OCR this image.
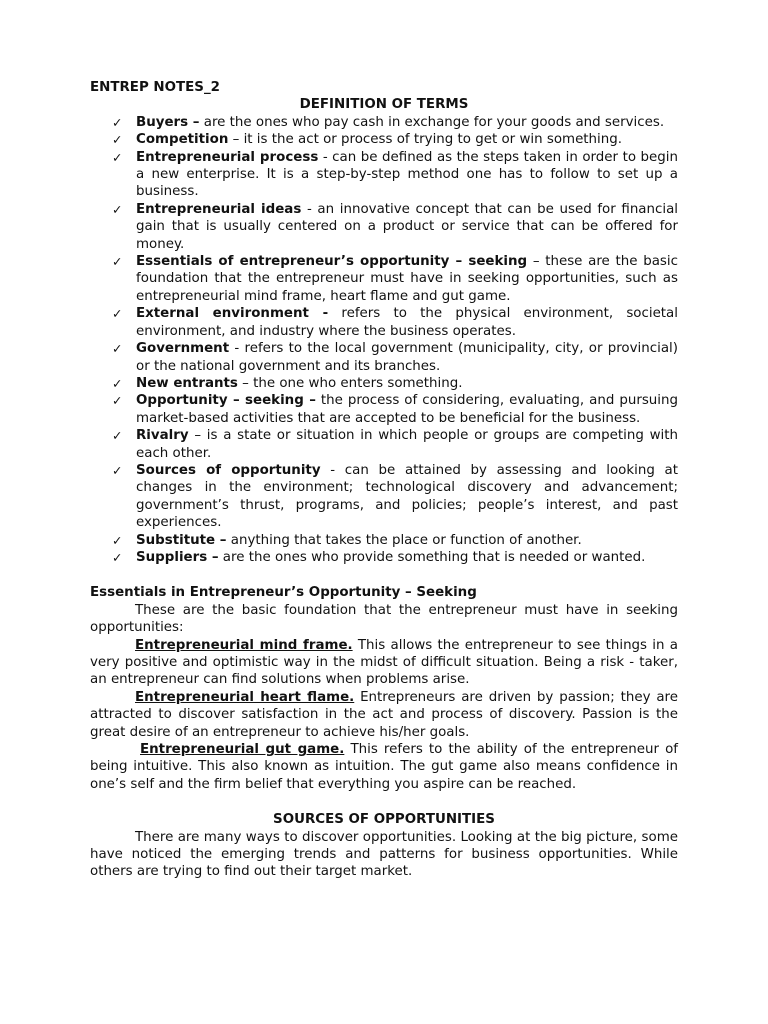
ENTREP NOTES_2

DEFINITION OF TERMS

✓ Buyers – are the ones who pay cash in exchange for your goods and services.
✓ Competition – it is the act or process of trying to get or win something.
✓ Entrepreneurial process - can be defined as the steps taken in order to begin a new enterprise. It is a step-by-step method one has to follow to set up a business.
✓ Entrepreneurial ideas - an innovative concept that can be used for financial gain that is usually centered on a product or service that can be offered for money.
✓ Essentials of entrepreneur’s opportunity – seeking – these are the basic foundation that the entrepreneur must have in seeking opportunities, such as entrepreneurial mind frame, heart flame and gut game.
✓ External environment - refers to the physical environment, societal environment, and industry where the business operates.
✓ Government - refers to the local government (municipality, city, or provincial) or the national government and its branches.
✓ New entrants – the one who enters something.
✓ Opportunity – seeking – the process of considering, evaluating, and pursuing market-based activities that are accepted to be beneficial for the business.
✓ Rivalry – is a state or situation in which people or groups are competing with each other.
✓ Sources of opportunity - can be attained by assessing and looking at changes in the environment; technological discovery and advancement; government’s thrust, programs, and policies; people’s interest, and past experiences.
✓ Substitute – anything that takes the place or function of another.
✓ Suppliers – are the ones who provide something that is needed or wanted.

Essentials in Entrepreneur’s Opportunity – Seeking

These are the basic foundation that the entrepreneur must have in seeking opportunities:

Entrepreneurial mind frame. This allows the entrepreneur to see things in a very positive and optimistic way in the midst of difficult situation. Being a risk - taker, an entrepreneur can find solutions when problems arise.

Entrepreneurial heart flame. Entrepreneurs are driven by passion; they are attracted to discover satisfaction in the act and process of discovery. Passion is the great desire of an entrepreneur to achieve his/her goals.

Entrepreneurial gut game. This refers to the ability of the entrepreneur of being intuitive. This also known as intuition. The gut game also means confidence in one’s self and the firm belief that everything you aspire can be reached.

SOURCES OF OPPORTUNITIES

There are many ways to discover opportunities. Looking at the big picture, some have noticed the emerging trends and patterns for business opportunities. While others are trying to find out their target market.
